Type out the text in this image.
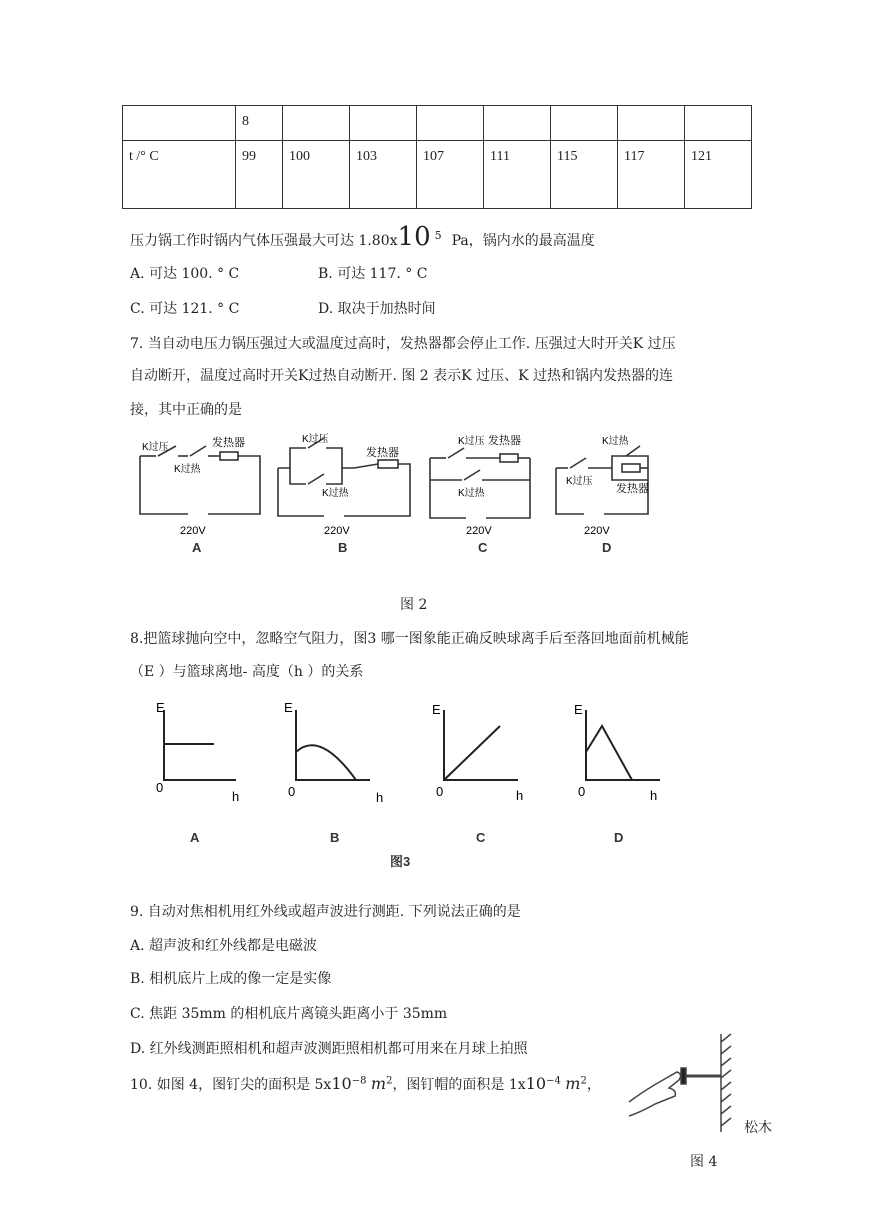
	8							
t /° C	99	100	103	107	111	115	117	121
压力锅工作时锅内气体压强最大可达 1.80x10 $^5$ Pa，锅内水的最高温度
A. 可达 100. ° C	B. 可达 117. ° C
C. 可达 121. ° C	D. 取决于加热时间
7. 当自动电压力锅压强过大或温度过高时，发热器都会停止工作. 压强过大时开关K 过压
自动断开，温度过高时开关K过热自动断开. 图 2 表示K 过压、K 过热和锅内发热器的连
接，其中正确的是
K过压
K过热
发热器
220V
A
K过压
发热器
K过热
220V
B
K过压 发热器
K过热
220V
C
K过热
K过压
发热器
220V
D
图 2
8.把篮球抛向空中，忽略空气阻力，图3 哪一图象能正确反映球离手后至落回地面前机械能
（E ）与篮球离地- 高度（h ）的关系
E
0
h
A
E
0	h
B
E
0	h
C
E
0	h
D
图3
9. 自动对焦相机用红外线或超声波进行测距. 下列说法正确的是
A. 超声波和红外线都是电磁波
B. 相机底片上成的像一定是实像
C. 焦距 35mm 的相机底片离镜头距离小于 35mm
D. 红外线测距照相机和超声波测距照相机都可用来在月球上拍照
10. 如图 4，图钉尖的面积是 $5x10^{-8}$ $m^2$，图钉帽的面积是 $1x10^{-4}$ $m^2$，
松木
图 4
